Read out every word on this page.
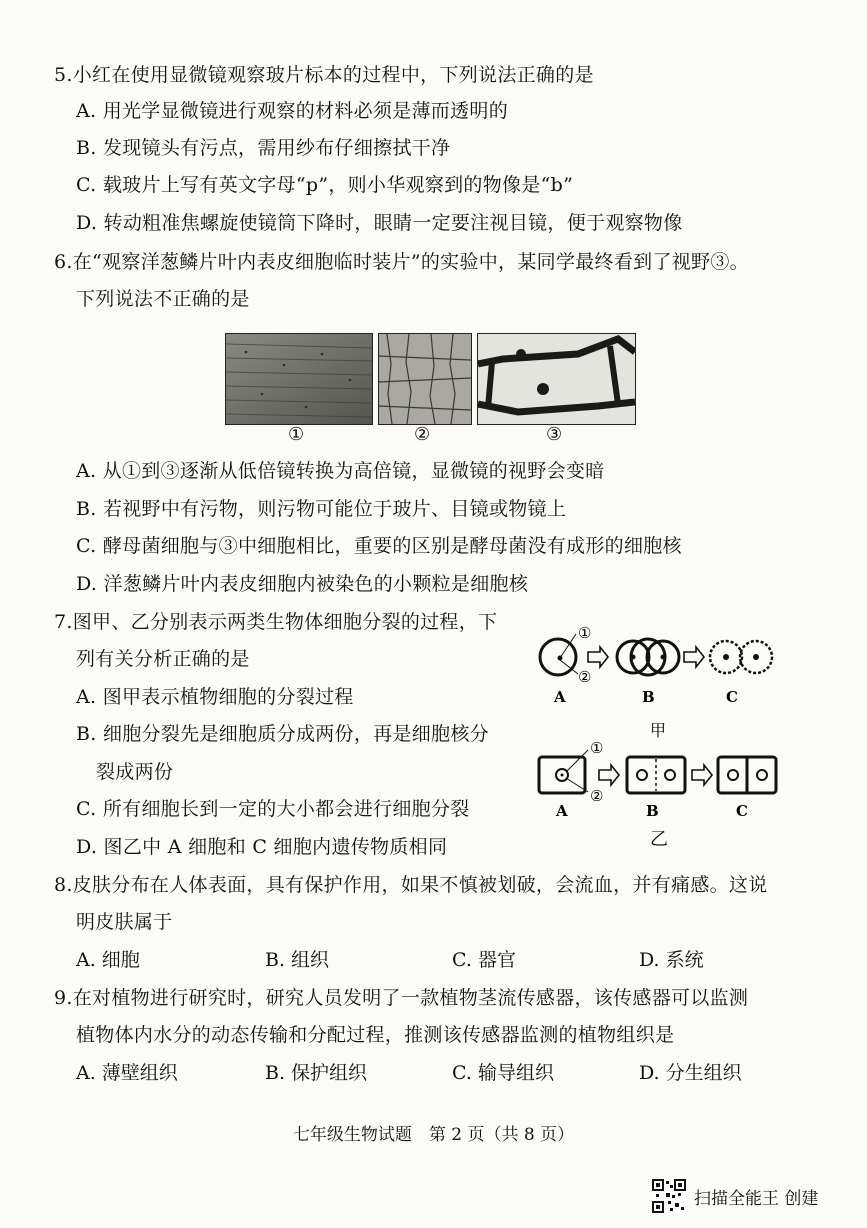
5.小红在使用显微镜观察玻片标本的过程中，下列说法正确的是
A. 用光学显微镜进行观察的材料必须是薄而透明的
B. 发现镜头有污点，需用纱布仔细擦拭干净
C. 载玻片上写有英文字母“p”，则小华观察到的物像是“b”
D. 转动粗准焦螺旋使镜筒下降时，眼睛一定要注视目镜，便于观察物像
6.在“观察洋葱鳞片叶内表皮细胞临时装片”的实验中，某同学最终看到了视野③。
下列说法不正确的是
①	②	③
A. 从①到③逐渐从低倍镜转换为高倍镜，显微镜的视野会变暗
B. 若视野中有污物，则污物可能位于玻片、目镜或物镜上
C. 酵母菌细胞与③中细胞相比，重要的区别是酵母菌没有成形的细胞核
D. 洋葱鳞片叶内表皮细胞内被染色的小颗粒是细胞核
7.图甲、乙分别表示两类生物体细胞分裂的过程，下
列有关分析正确的是
A. 图甲表示植物细胞的分裂过程
B. 细胞分裂先是细胞质分成两份，再是细胞核分
裂成两份
C. 所有细胞长到一定的大小都会进行细胞分裂
D. 图乙中 A 细胞和 C 细胞内遗传物质相同
①
②
①
②
A	B	C
甲
A	B	C
乙
8.皮肤分布在人体表面，具有保护作用，如果不慎被划破，会流血，并有痛感。这说
明皮肤属于
A. 细胞	B. 组织	C. 器官	D. 系统
9.在对植物进行研究时，研究人员发明了一款植物茎流传感器，该传感器可以监测
植物体内水分的动态传输和分配过程，推测该传感器监测的植物组织是
A. 薄壁组织	B. 保护组织	C. 输导组织	D. 分生组织
七年级生物试题　第 2 页（共 8 页）
扫描全能王 创建
